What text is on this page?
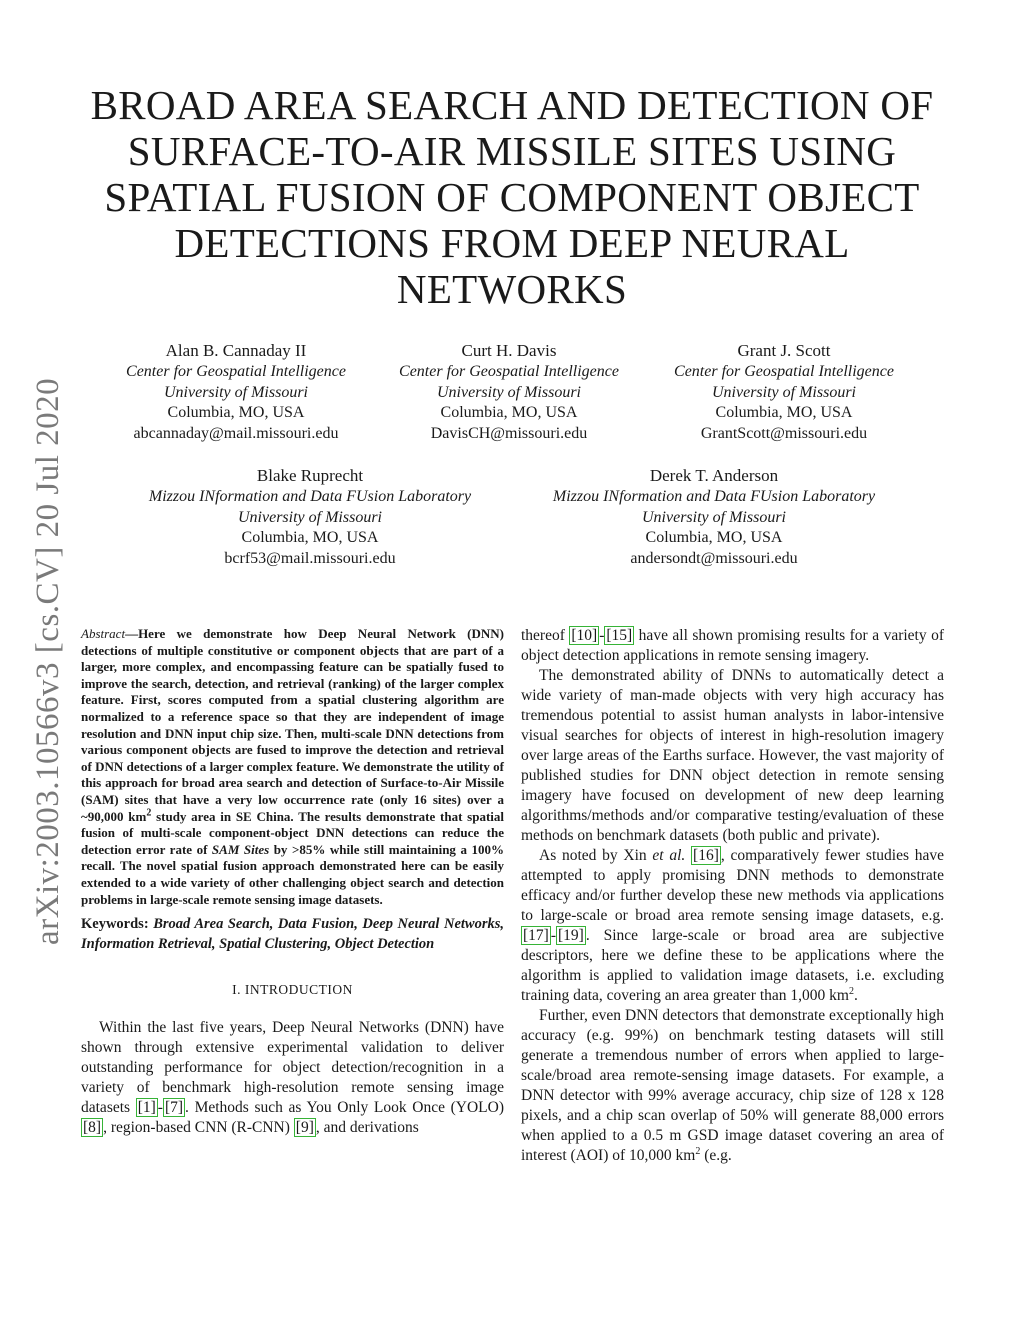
arXiv:2003.10566v3 [cs.CV] 20 Jul 2020
BROAD AREA SEARCH AND DETECTION OF
SURFACE-TO-AIR MISSILE SITES USING
SPATIAL FUSION OF COMPONENT OBJECT
DETECTIONS FROM DEEP NEURAL
NETWORKS
Alan B. Cannaday II
Center for Geospatial Intelligence
University of Missouri
Columbia, MO, USA
abcannaday@mail.missouri.edu
Curt H. Davis
Center for Geospatial Intelligence
University of Missouri
Columbia, MO, USA
DavisCH@missouri.edu
Grant J. Scott
Center for Geospatial Intelligence
University of Missouri
Columbia, MO, USA
GrantScott@missouri.edu
Blake Ruprecht
Mizzou INformation and Data FUsion Laboratory
University of Missouri
Columbia, MO, USA
bcrf53@mail.missouri.edu
Derek T. Anderson
Mizzou INformation and Data FUsion Laboratory
University of Missouri
Columbia, MO, USA
andersondt@missouri.edu
Abstract—Here we demonstrate how Deep Neural Network (DNN) detections of multiple constitutive or component objects that are part of a larger, more complex, and encompassing feature can be spatially fused to improve the search, detection, and retrieval (ranking) of the larger complex feature. First, scores computed from a spatial clustering algorithm are normalized to a reference space so that they are independent of image resolution and DNN input chip size. Then, multi-scale DNN detections from various component objects are fused to improve the detection and retrieval of DNN detections of a larger complex feature. We demonstrate the utility of this approach for broad area search and detection of Surface-to-Air Missile (SAM) sites that have a very low occurrence rate (only 16 sites) over a ~90,000 $km^2$ study area in SE China. The results demonstrate that spatial fusion of multi-scale component-object DNN detections can reduce the detection error rate of SAM Sites by >85% while still maintaining a 100% recall. The novel spatial fusion approach demonstrated here can be easily extended to a wide variety of other challenging object search and detection problems in large-scale remote sensing image datasets.
Keywords: Broad Area Search, Data Fusion, Deep Neural Networks, Information Retrieval, Spatial Clustering, Object Detection
I. INTRODUCTION

Within the last five years, Deep Neural Networks (DNN) have shown through extensive experimental validation to deliver outstanding performance for object detection/recognition in a variety of benchmark high-resolution remote sensing image datasets [1] - [7] . Methods such as You Only Look Once (YOLO) [8] , region-based CNN (R-CNN) [9] , and derivations

thereof [10] - [15] have all shown promising results for a variety of object detection applications in remote sensing imagery.

The demonstrated ability of DNNs to automatically detect a wide variety of man-made objects with very high accuracy has tremendous potential to assist human analysts in labor-intensive visual searches for objects of interest in high-resolution imagery over large areas of the Earths surface. However, the vast majority of published studies for DNN object detection in remote sensing imagery have focused on development of new deep learning algorithms/methods and/or comparative testing/evaluation of these methods on benchmark datasets (both public and private).

As noted by Xin et al. [16] , comparatively fewer studies have attempted to apply promising DNN methods to demonstrate efficacy and/or further develop these new methods via applications to large-scale or broad area remote sensing image datasets, e.g. [17] - [19] . Since large-scale or broad area are subjective descriptors, here we define these to be applications where the algorithm is applied to validation image datasets, i.e. excluding training data, covering an area greater than 1,000 $km^2$.

Further, even DNN detectors that demonstrate exceptionally high accuracy (e.g. 99%) on benchmark testing datasets will still generate a tremendous number of errors when applied to large-scale/broad area remote-sensing image datasets. For example, a DNN detector with 99% average accuracy, chip size of 128 x 128 pixels, and a chip scan overlap of 50% will generate 88,000 errors when applied to a 0.5 m GSD image dataset covering an area of interest (AOI) of 10,000 $km^2$ (e.g.
